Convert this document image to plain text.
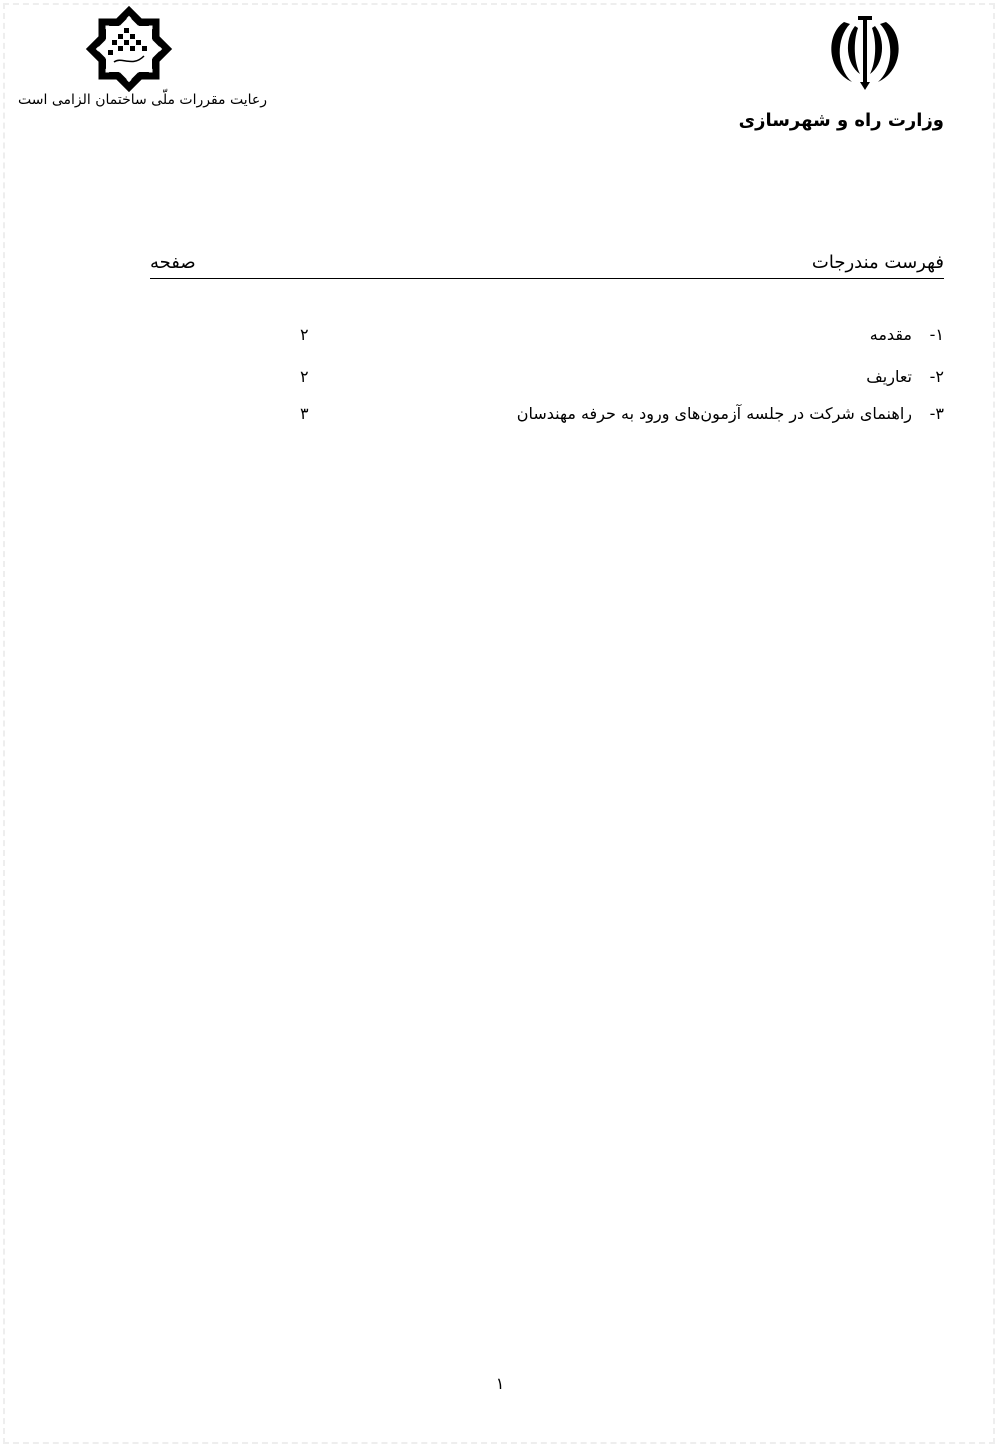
وزارت راه و شهرسازی
رعایت مقررات ملّی ساختمان الزامی است
فهرست مندرجات
صفحه
۱-
مقدمه
۲
۲-
تعاریف
۲
۳-
راهنمای شرکت در جلسه آزمون‌های ورود به حرفه مهندسان
۳
۱
